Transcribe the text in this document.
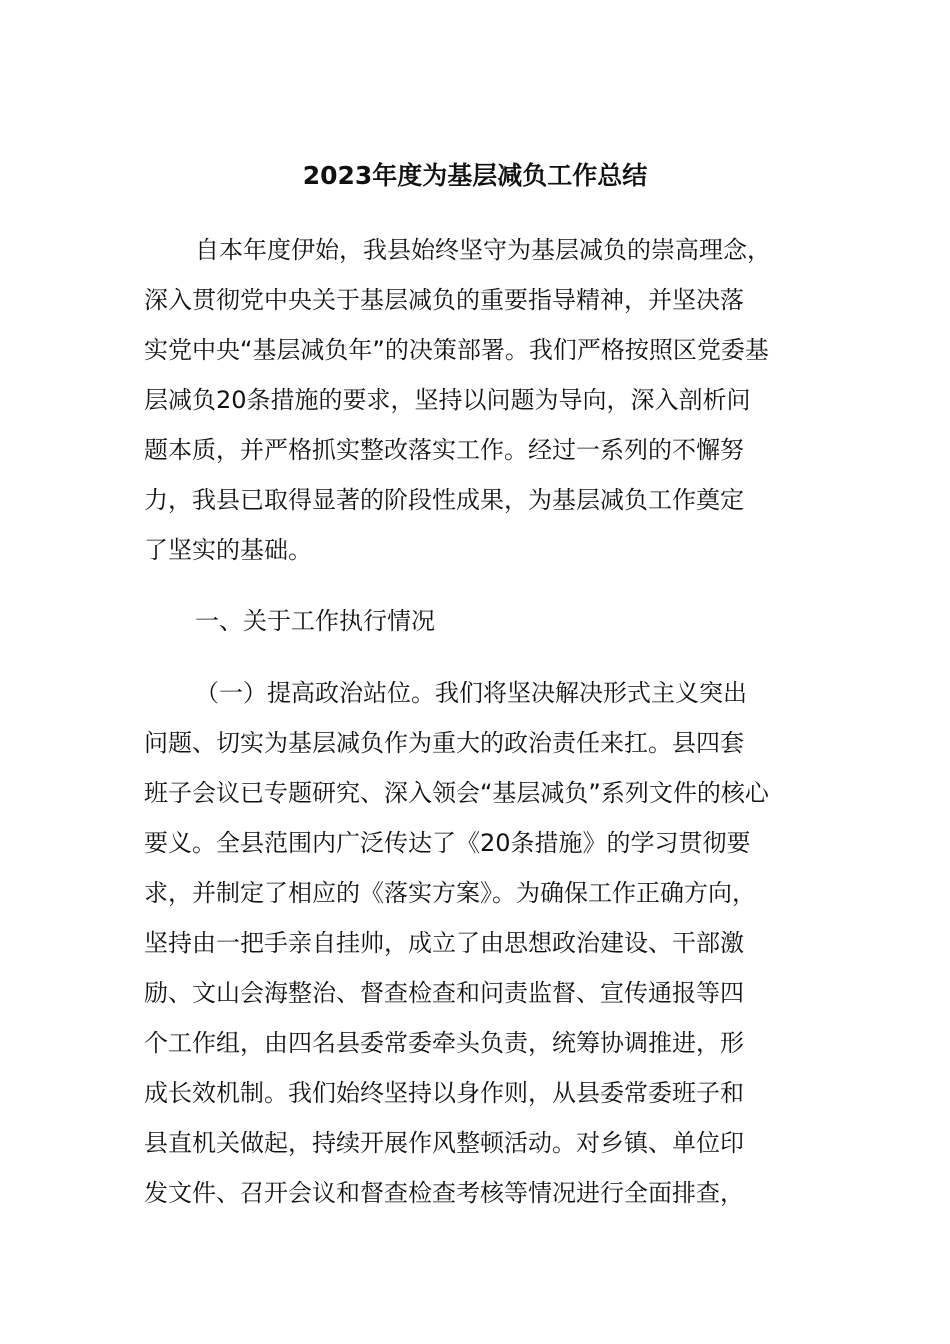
2023年度为基层减负工作总结
自本年度伊始，我县始终坚守为基层减负的崇高理念，
深入贯彻党中央关于基层减负的重要指导精神，并坚决落
实党中央“基层减负年”的决策部署。我们严格按照区党委基
层减负20条措施的要求，坚持以问题为导向，深入剖析问
题本质，并严格抓实整改落实工作。经过一系列的不懈努
力，我县已取得显著的阶段性成果，为基层减负工作奠定
了坚实的基础。
一、关于工作执行情况
（一）提高政治站位。我们将坚决解决形式主义突出
问题、切实为基层减负作为重大的政治责任来扛。县四套
班子会议已专题研究、深入领会“基层减负”系列文件的核心
要义。全县范围内广泛传达了《20条措施》的学习贯彻要
求，并制定了相应的《落实方案》。为确保工作正确方向，
坚持由一把手亲自挂帅，成立了由思想政治建设、干部激
励、文山会海整治、督查检查和问责监督、宣传通报等四
个工作组，由四名县委常委牵头负责，统筹协调推进，形
成长效机制。我们始终坚持以身作则，从县委常委班子和
县直机关做起，持续开展作风整顿活动。对乡镇、单位印
发文件、召开会议和督查检查考核等情况进行全面排查，
